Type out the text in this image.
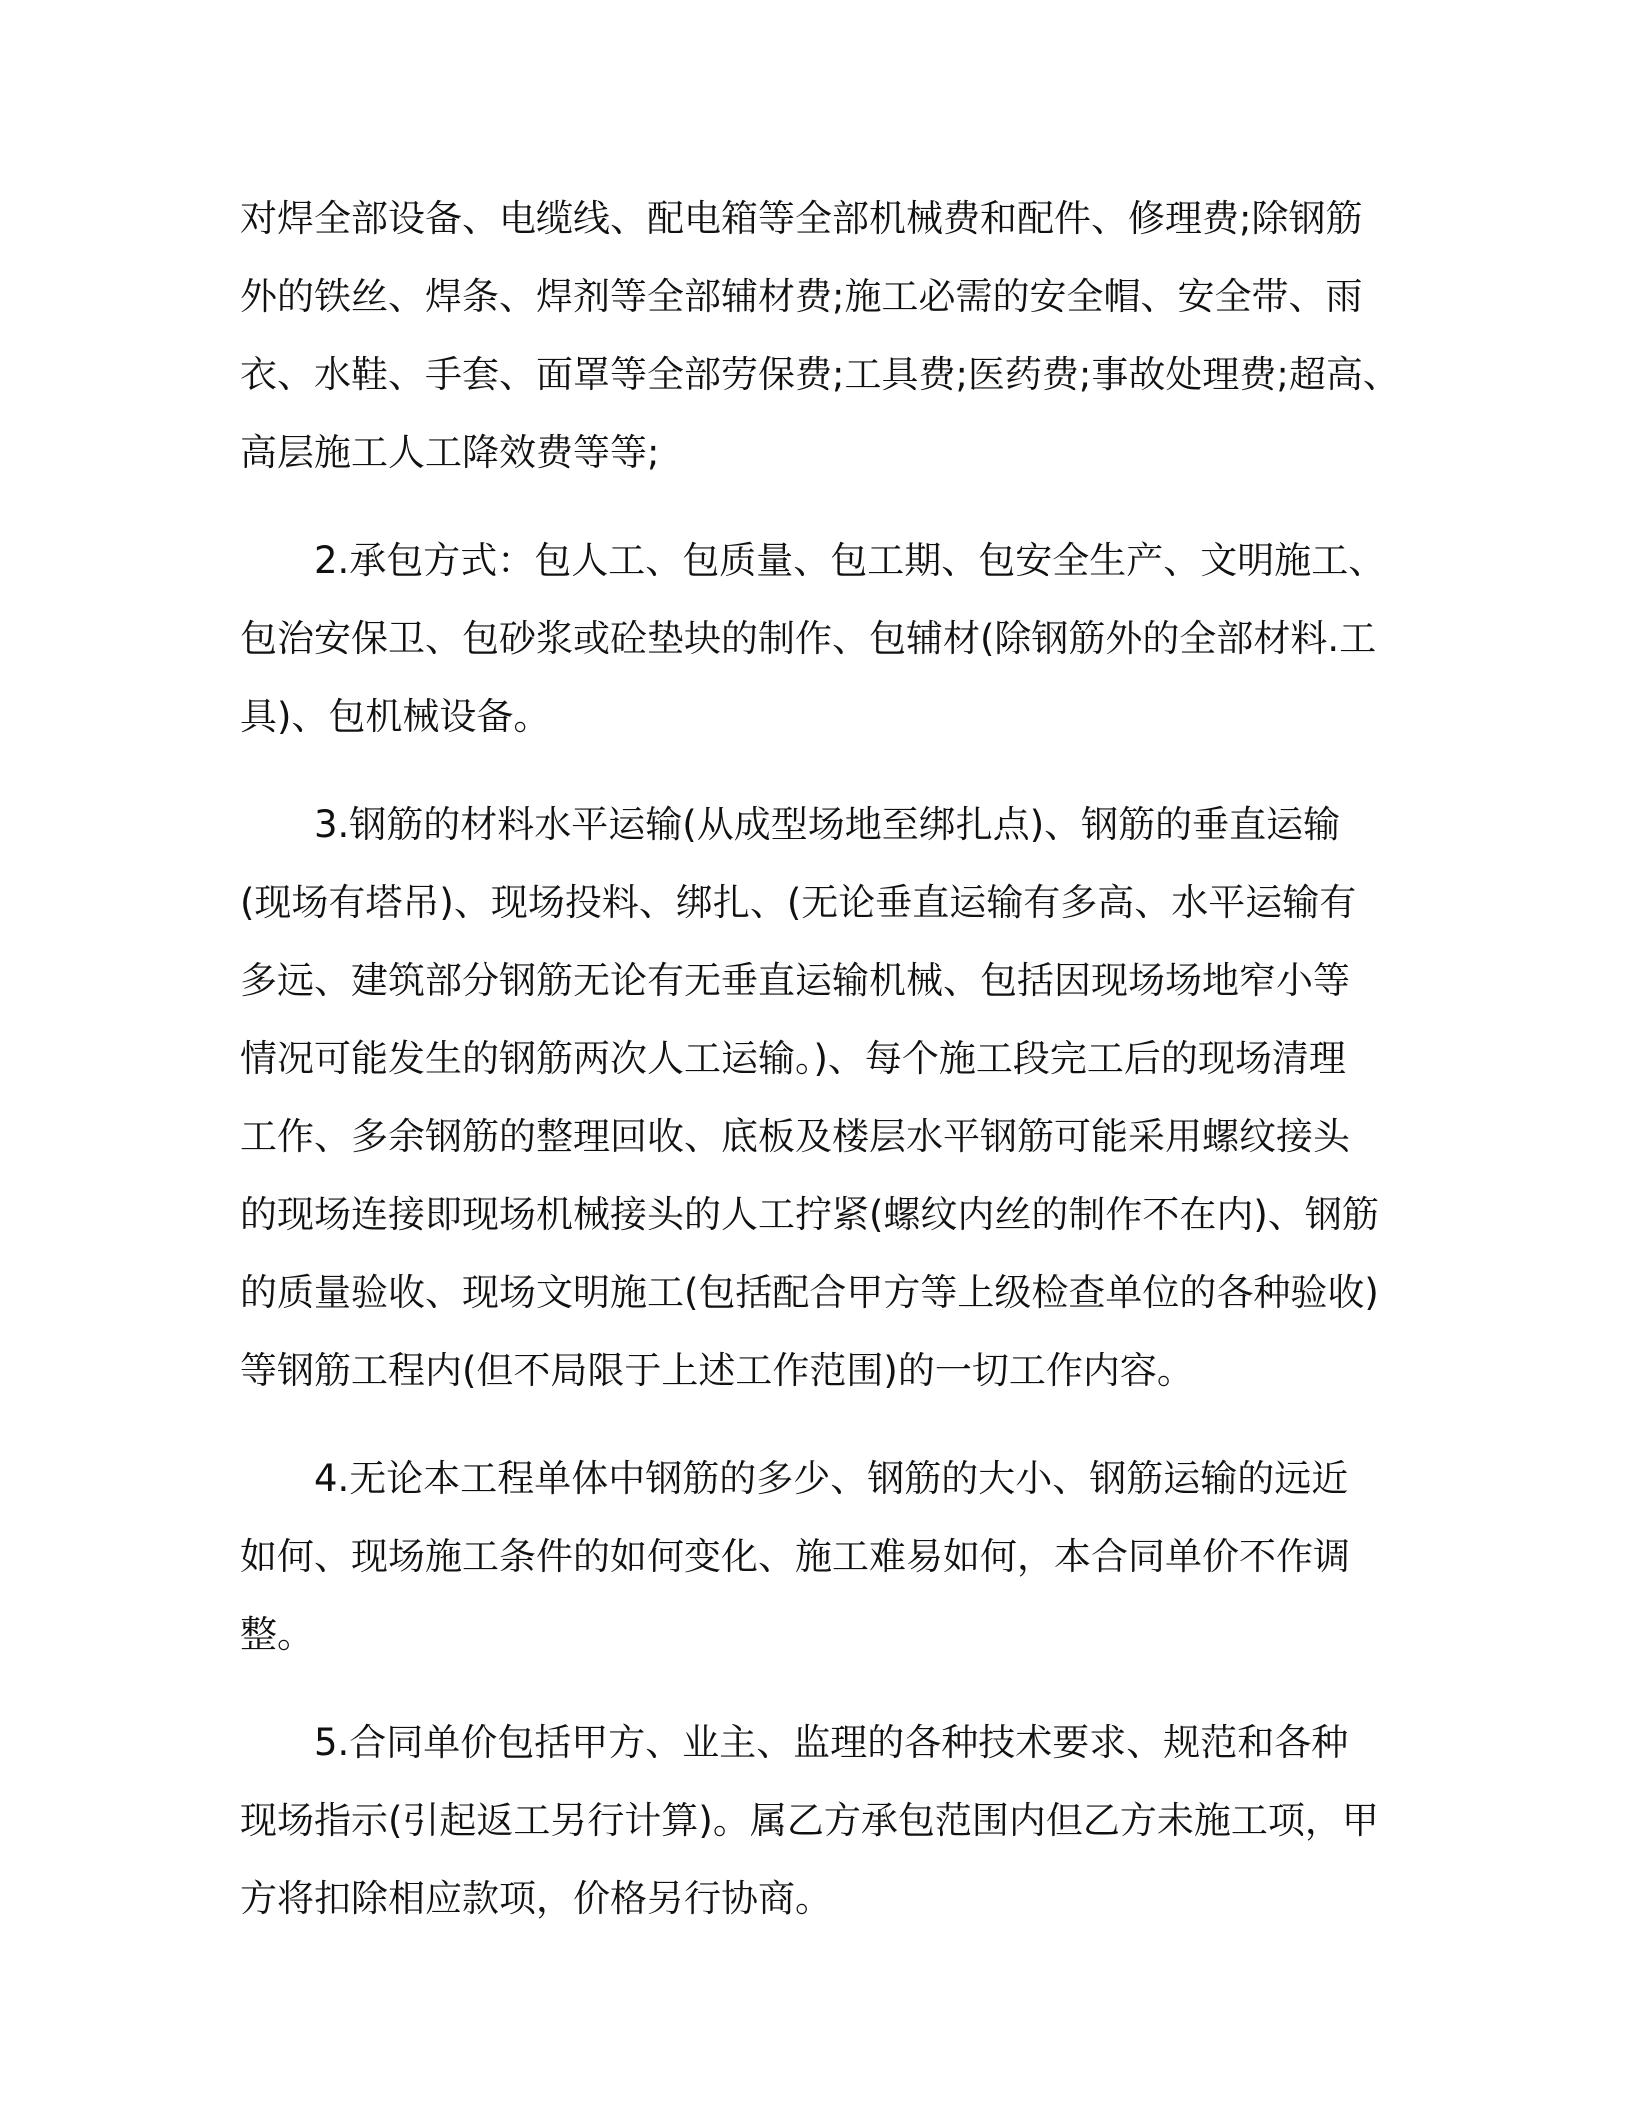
对焊全部设备、电缆线、配电箱等全部机械费和配件、修理费;除钢筋
外的铁丝、焊条、焊剂等全部辅材费;施工必需的安全帽、安全带、雨
衣、水鞋、手套、面罩等全部劳保费;工具费;医药费;事故处理费;超高、
高层施工人工降效费等等;

2.承包方式：包人工、包质量、包工期、包安全生产、文明施工、
包治安保卫、包砂浆或砼垫块的制作、包辅材(除钢筋外的全部材料.工
具)、包机械设备。

3.钢筋的材料水平运输(从成型场地至绑扎点)、钢筋的垂直运输
(现场有塔吊)、现场投料、绑扎、(无论垂直运输有多高、水平运输有
多远、建筑部分钢筋无论有无垂直运输机械、包括因现场场地窄小等
情况可能发生的钢筋两次人工运输。)、每个施工段完工后的现场清理
工作、多余钢筋的整理回收、底板及楼层水平钢筋可能采用螺纹接头
的现场连接即现场机械接头的人工拧紧(螺纹内丝的制作不在内)、钢筋
的质量验收、现场文明施工(包括配合甲方等上级检查单位的各种验收)
等钢筋工程内(但不局限于上述工作范围)的一切工作内容。

4.无论本工程单体中钢筋的多少、钢筋的大小、钢筋运输的远近
如何、现场施工条件的如何变化、施工难易如何，本合同单价不作调
整。

5.合同单价包括甲方、业主、监理的各种技术要求、规范和各种
现场指示(引起返工另行计算)。属乙方承包范围内但乙方未施工项，甲
方将扣除相应款项，价格另行协商。
